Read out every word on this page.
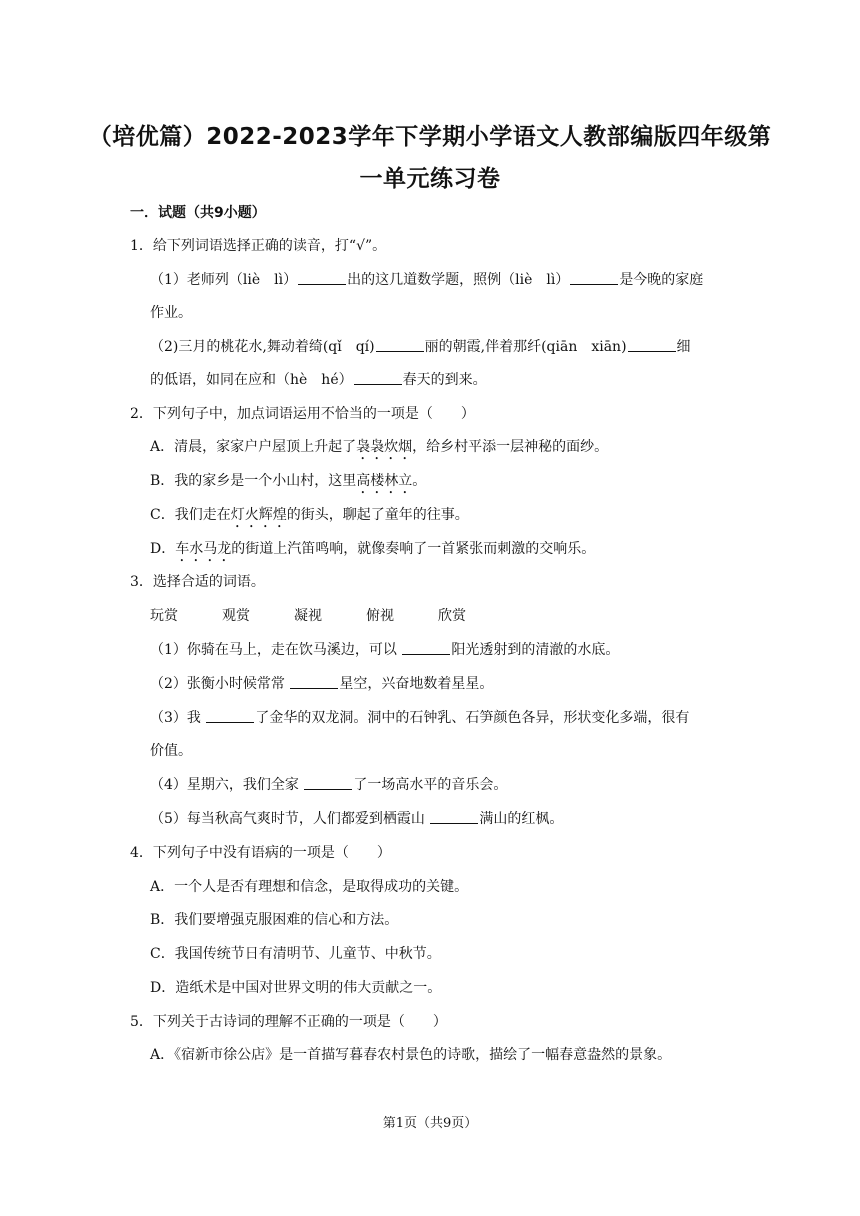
（培优篇）2022-2023学年下学期小学语文人教部编版四年级第
一单元练习卷
一．试题（共9小题）
1．给下列词语选择正确的读音，打“√”。
（1）老师列（liè　lì）	出的这几道数学题，照例（liè　lì）	是今晚的家庭
作业。
（2)三月的桃花水,舞动着绮(qǐ　qí)	丽的朝霞,伴着那纤(qiān　xiān)	细
的低语，如同在应和（hè　hé）	春天的到来。
2．下列句子中，加点词语运用不恰当的一项是（　　）
A．清晨，家家户户屋顶上升起了袅袅炊烟，给乡村平添一层神秘的面纱。
B．我的家乡是一个小山村，这里高楼林立。
C．我们走在灯火辉煌的街头，聊起了童年的往事。
D．车水马龙的街道上汽笛鸣响，就像奏响了一首紧张而刺激的交响乐。
3．选择合适的词语。
玩赏	观赏	凝视	俯视	欣赏
（1）你骑在马上，走在饮马溪边，可以	阳光透射到的清澈的水底。
（2）张衡小时候常常	星空，兴奋地数着星星。
（3）我	了金华的双龙洞。洞中的石钟乳、石笋颜色各异，形状变化多端，很有
价值。
（4）星期六，我们全家	了一场高水平的音乐会。
（5）每当秋高气爽时节，人们都爱到栖霞山	满山的红枫。
4．下列句子中没有语病的一项是（　　）
A．一个人是否有理想和信念，是取得成功的关键。
B．我们要增强克服困难的信心和方法。
C．我国传统节日有清明节、儿童节、中秋节。
D．造纸术是中国对世界文明的伟大贡献之一。
5．下列关于古诗词的理解不正确的一项是（　　）
A．《宿新市徐公店》是一首描写暮春农村景色的诗歌，描绘了一幅春意盎然的景象。
第1页（共9页）
